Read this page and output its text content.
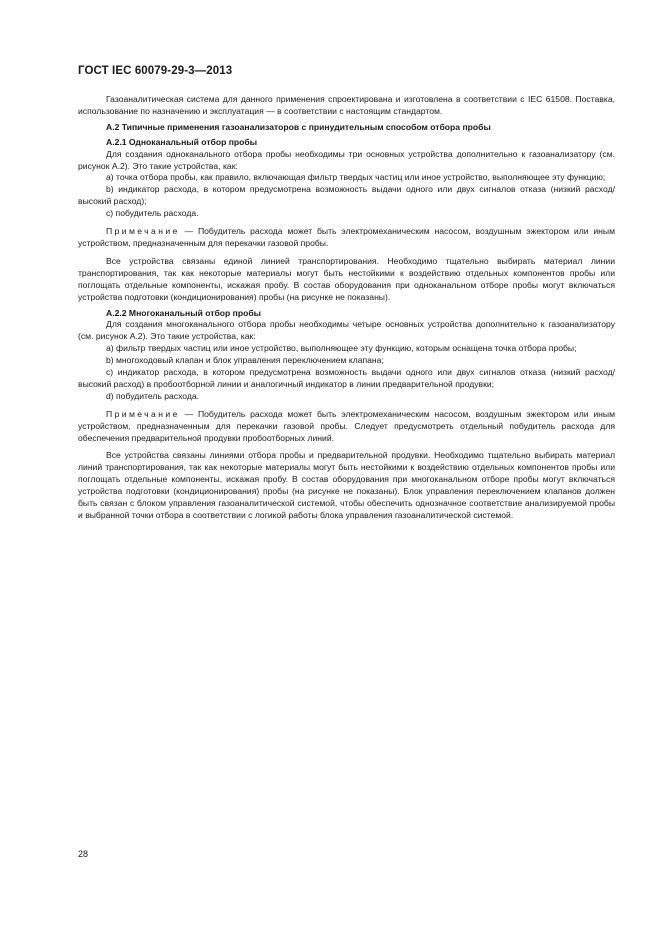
ГОСТ IEC 60079-29-3—2013

Газоаналитическая система для данного применения спроектирована и изготовлена в соответствии с IEC 61508. Поставка, использование по назначению и эксплуатация — в соответствии с настоящим стандартом.

А.2 Типичные применения газоанализаторов с принудительным способом отбора пробы

А.2.1 Одноканальный отбор пробы

Для создания одноканального отбора пробы необходимы три основных устройства дополнительно к газоанализатору (см. рисунок А.2). Это такие устройства, как:

a) точка отбора пробы, как правило, включающая фильтр твердых частиц или иное устройство, выполняющее эту функцию;

b) индикатор расхода, в котором предусмотрена возможность выдачи одного или двух сигналов отказа (низкий расход/высокий расход);

c) побудитель расхода.

Примечание — Побудитель расхода может быть электромеханическим насосом, воздушным эжектором или иным устройством, предназначенным для перекачки газовой пробы.

Все устройства связаны единой линией транспортирования. Необходимо тщательно выбирать материал линии транспортирования, так как некоторые материалы могут быть нестойкими к воздействию отдельных компонентов пробы или поглощать отдельные компоненты, искажая пробу. В состав оборудования при одноканальном отборе пробы могут включаться устройства подготовки (кондиционирования) пробы (на рисунке не показаны).

А.2.2 Многоканальный отбор пробы

Для создания многоканального отбора пробы необходимы четыре основных устройства дополнительно к газоанализатору (см. рисунок А.2). Это такие устройства, как:

a) фильтр твердых частиц или иное устройство, выполняющее эту функцию, которым оснащена точка отбора пробы;

b) многоходовый клапан и блок управления переключением клапана;

c) индикатор расхода, в котором предусмотрена возможность выдачи одного или двух сигналов отказа (низкий расход/высокий расход) в пробоотборной линии и аналогичный индикатор в линии предварительной продувки;

d) побудитель расхода.

Примечание — Побудитель расхода может быть электромеханическим насосом, воздушным эжектором или иным устройством, предназначенным для перекачки газовой пробы. Следует предусмотреть отдельный побудитель расхода для обеспечения предварительной продувки пробоотборных линий.

Все устройства связаны линиями отбора пробы и предварительной продувки. Необходимо тщательно выбирать материал линий транспортирования, так как некоторые материалы могут быть нестойкими к воздействию отдельных компонентов пробы или поглощать отдельные компоненты, искажая пробу. В состав оборудования при многоканальном отборе пробы могут включаться устройства подготовки (кондиционирования) пробы (на рисунке не показаны). Блок управления переключением клапанов должен быть связан с блоком управления газоаналитической системой, чтобы обеспечить однозначное соответствие анализируемой пробы и выбранной точки отбора в соответствии с логикой работы блока управления газоаналитической системой.

28
